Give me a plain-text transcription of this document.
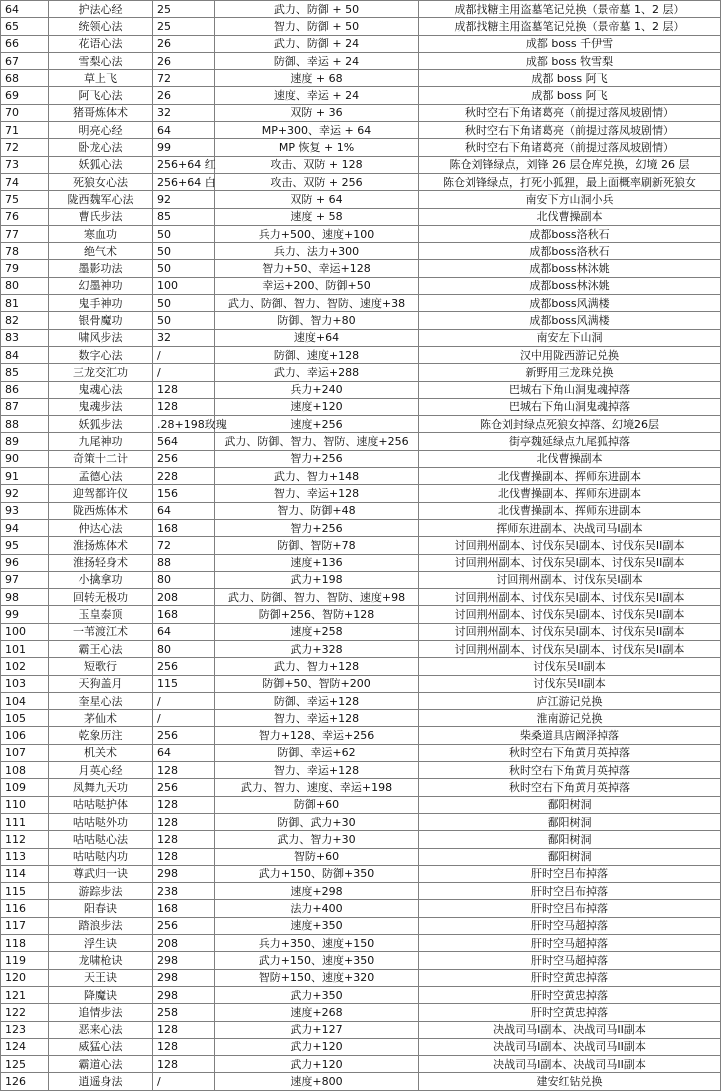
64	护法心经	25	武力、防御 + 50	成都找糖主用盗墓笔记兑换（景帝墓 1、2 层）
65	统领心法	25	智力、防御 + 50	成都找糖主用盗墓笔记兑换（景帝墓 1、2 层）
66	花语心法	26	武力、防御 + 24	成都 boss 千伊雪
67	雪梨心法	26	防御、幸运 + 24	成都 boss 牧雪梨
68	草上飞	72	速度 + 68	成都 boss 阿飞
69	阿飞心法	26	速度、幸运 + 24	成都 boss 阿飞
70	猪哥炼体术	32	双防 + 36	秋时空右下角诸葛亮（前提过落凤坡剧情）
71	明亮心经	64	MP+300、幸运 + 64	秋时空右下角诸葛亮（前提过落凤坡剧情）
72	卧龙心法	99	MP 恢复 + 1%	秋时空右下角诸葛亮（前提过落凤坡剧情）
73	妖狐心法	256+64 红	攻击、双防 + 128	陈仓刘锋绿点，刘锋 26 层仓库兑换，幻境 26 层
74	死狼女心法	256+64 白	攻击、双防 + 256	陈仓刘锋绿点，打死小狐狸，最上面概率刷新死狼女
75	陇西魏军心法	92	双防 + 64	南安下方山洞小兵
76	曹氏步法	85	速度 + 58	北伐曹操副本
77	寒血功	50	兵力+500、速度+100	成都boss洛秋石
78	绝气术	50	兵力、法力+300	成都boss洛秋石
79	墨影功法	50	智力+50、幸运+128	成都boss林沐姚
80	幻墨神功	100	幸运+200、防御+50	成都boss林沐姚
81	鬼手神功	50	武力、防御、智力、智防、速度+38	成都boss风满楼
82	银骨魔功	50	防御、智力+80	成都boss风满楼
83	啸风步法	32	速度+64	南安左下山洞
84	数字心法	/	防御、速度+128	汉中用陇西游记兑换
85	三龙交汇功	/	武力、幸运+288	新野用三龙珠兑换
86	鬼魂心法	128	兵力+240	巴城右下角山洞鬼魂掉落
87	鬼魂步法	128	速度+120	巴城右下角山洞鬼魂掉落
88	妖狐步法	.28+198玫瑰	速度+256	陈仓刘封绿点死狼女掉落、幻境26层
89	九尾神功	564	武力、防御、智力、智防、速度+256	街亭魏延绿点九尾狐掉落
90	奇策十二计	256	智力+256	北伐曹操副本
91	孟德心法	228	武力、智力+148	北伐曹操副本、挥师东进副本
92	迎驾都许仪	156	智力、幸运+128	北伐曹操副本、挥师东进副本
93	陇西炼体术	64	智力、防御+48	北伐曹操副本、挥师东进副本
94	仲达心法	168	智力+256	挥师东进副本、决战司马I副本
95	淮扬炼体术	72	防御、智防+78	讨回荆州副本、讨伐东吴I副本、讨伐东吴II副本
96	淮扬轻身术	88	速度+136	讨回荆州副本、讨伐东吴I副本、讨伐东吴II副本
97	小擒拿功	80	武力+198	讨回荆州副本、讨伐东吴I副本
98	回转无极功	208	武力、防御、智力、智防、速度+98	讨回荆州副本、讨伐东吴I副本、讨伐东吴II副本
99	玉皇泰顶	168	防御+256、智防+128	讨回荆州副本、讨伐东吴I副本、讨伐东吴II副本
100	一苇渡江术	64	速度+258	讨回荆州副本、讨伐东吴I副本、讨伐东吴II副本
101	霸王心法	80	武力+328	讨回荆州副本、讨伐东吴I副本、讨伐东吴II副本
102	短歌行	256	武力、智力+128	讨伐东吴II副本
103	天狗盖月	115	防御+50、智防+200	讨伐东吴II副本
104	奎星心法	/	防御、幸运+128	庐江游记兑换
105	茅仙术	/	智力、幸运+128	淮南游记兑换
106	乾象历注	256	智力+128、幸运+256	柴桑道具店阚泽掉落
107	机关术	64	防御、幸运+62	秋时空右下角黄月英掉落
108	月英心经	128	智力、幸运+128	秋时空右下角黄月英掉落
109	凤舞九天功	256	武力、智力、速度、幸运+198	秋时空右下角黄月英掉落
110	咕咕哒护体	128	防御+60	鄱阳树洞
111	咕咕哒外功	128	防御、武力+30	鄱阳树洞
112	咕咕哒心法	128	武力、智力+30	鄱阳树洞
113	咕咕哒内功	128	智防+60	鄱阳树洞
114	尊武归一诀	298	武力+150、防御+350	肝时空吕布掉落
115	游踪步法	238	速度+298	肝时空吕布掉落
116	阳春诀	168	法力+400	肝时空吕布掉落
117	踏浪步法	256	速度+350	肝时空马超掉落
118	浮生诀	208	兵力+350、速度+150	肝时空马超掉落
119	龙啸枪诀	298	武力+150、速度+350	肝时空马超掉落
120	天王诀	298	智防+150、速度+320	肝时空黄忠掉落
121	降魔诀	298	武力+350	肝时空黄忠掉落
122	追情步法	258	速度+268	肝时空黄忠掉落
123	恶来心法	128	武力+127	决战司马I副本、决战司马II副本
124	威猛心法	128	武力+120	决战司马I副本、决战司马II副本
125	霸道心法	128	武力+120	决战司马I副本、决战司马II副本
126	逍遥身法	/	速度+800	建安红钻兑换
